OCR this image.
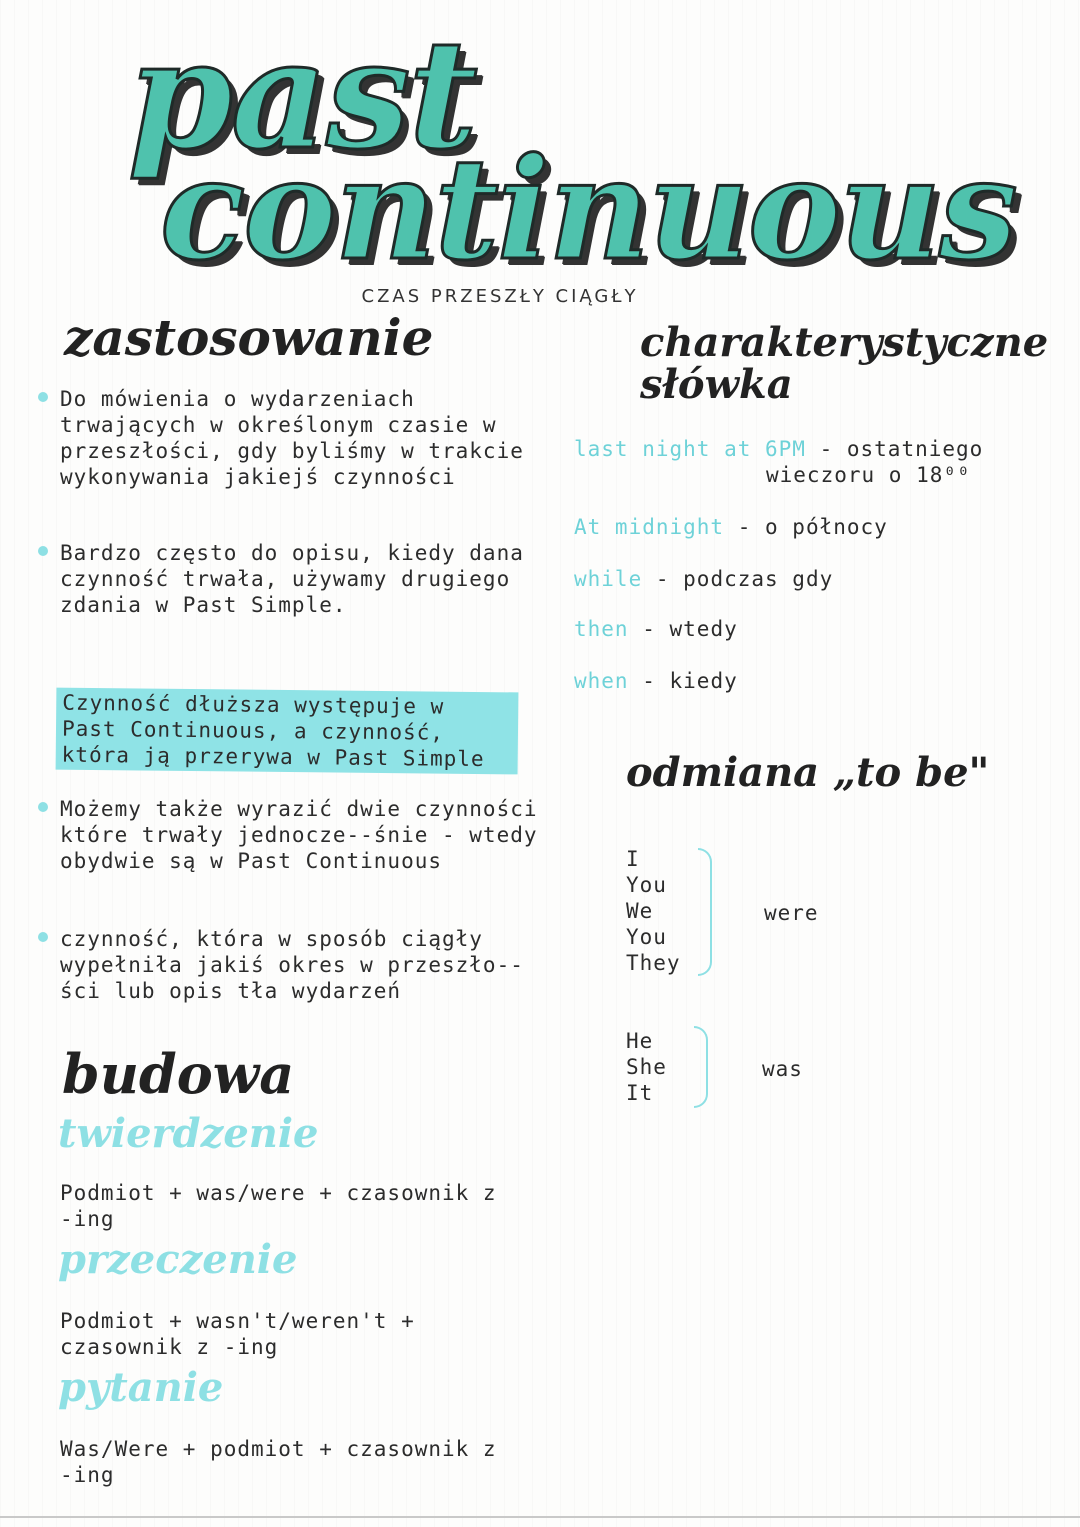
past
continuous
CZAS PRZESZŁY CIĄGŁY
zastosowanie
Do mówienia o wydarzeniach trwających w określonym czasie w przeszłości, gdy byliśmy w trakcie wykonywania jakiejś czynności
Bardzo często do opisu, kiedy dana czynność trwała, używamy drugiego zdania w Past Simple.
Czynność dłuższa występuje w Past Continuous, a czynność, która ją przerywa w Past Simple
Możemy także wyrazić dwie czynności które trwały jednocze--śnie - wtedy obydwie są w Past Continuous
czynność, która w sposób ciągły wypełniła jakiś okres w przeszło--ści lub opis tła wydarzeń
budowa
twierdzenie
Podmiot + was/were + czasownik z -ing
przeczenie
Podmiot + wasn't/weren't + czasownik z -ing
pytanie
Was/Were + podmiot + czasownik z -ing
charakterystyczne słówka
last night at 6PM - ostatniego
wieczoru o 18⁰⁰
At midnight - o północy
while - podczas gdy
then - wtedy
when - kiedy
odmiana „to be"
I
You
We
You
They
were
He
She
It
was
